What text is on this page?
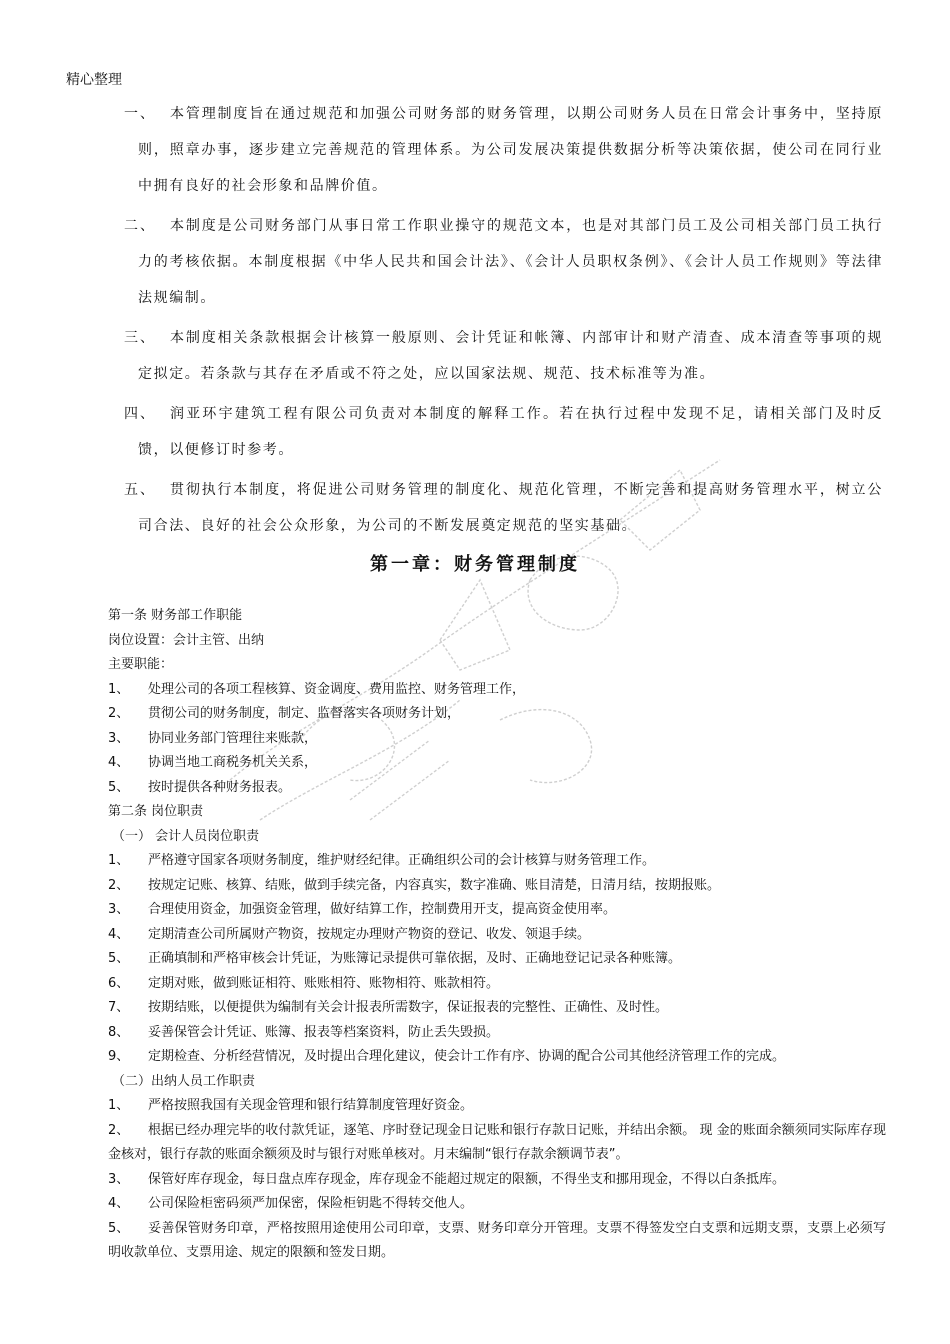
精心整理
一、	本管理制度旨在通过规范和加强公司财务部的财务管理，以期公司财务人员在日常会计事务中，坚持原则，照章办事，逐步建立完善规范的管理体系。为公司发展决策提供数据分析等决策依据，使公司在同行业中拥有良好的社会形象和品牌价值。
二、	本制度是公司财务部门从事日常工作职业操守的规范文本，也是对其部门员工及公司相关部门员工执行力的考核依据。本制度根据《中华人民共和国会计法》、《会计人员职权条例》、《会计人员工作规则》等法律法规编制。
三、	本制度相关条款根据会计核算一般原则、会计凭证和帐簿、内部审计和财产清查、成本清查等事项的规定拟定。若条款与其存在矛盾或不符之处，应以国家法规、规范、技术标准等为准。
四、	润亚环宇建筑工程有限公司负责对本制度的解释工作。若在执行过程中发现不足，请相关部门及时反馈，以便修订时参考。
五、	贯彻执行本制度，将促进公司财务管理的制度化、规范化管理，不断完善和提高财务管理水平，树立公司合法、良好的社会公众形象，为公司的不断发展奠定规范的坚实基础。
第一章：财务管理制度
第一条 财务部工作职能
岗位设置：会计主管、出纳
主要职能：
1、 处理公司的各项工程核算、资金调度、费用监控、财务管理工作，
2、 贯彻公司的财务制度，制定、监督落实各项财务计划，
3、 协同业务部门管理往来账款，
4、 协调当地工商税务机关关系，
5、 按时提供各种财务报表。
第二条 岗位职责
（一） 会计人员岗位职责
1、 严格遵守国家各项财务制度，维护财经纪律。正确组织公司的会计核算与财务管理工作。
2、 按规定记账、核算、结账，做到手续完备，内容真实，数字准确、账目清楚，日清月结，按期报账。
3、 合理使用资金，加强资金管理，做好结算工作，控制费用开支，提高资金使用率。
4、 定期清查公司所属财产物资，按规定办理财产物资的登记、收发、领退手续。
5、 正确填制和严格审核会计凭证，为账簿记录提供可靠依据，及时、正确地登记记录各种账簿。
6、 定期对账，做到账证相符、账账相符、账物相符、账款相符。
7、 按期结账，以便提供为编制有关会计报表所需数字，保证报表的完整性、正确性、及时性。
8、 妥善保管会计凭证、账簿、报表等档案资料，防止丢失毁损。
9、 定期检查、分析经营情况，及时提出合理化建议，使会计工作有序、协调的配合公司其他经济管理工作的完成。
（二）出纳人员工作职责
1、 严格按照我国有关现金管理和银行结算制度管理好资金。
2、 根据已经办理完毕的收付款凭证，逐笔、序时登记现金日记账和银行存款日记账，并结出余额。 现 金的账面余额须同实际库存现金核对，银行存款的账面余额须及时与银行对账单核对。月末编制“银行存款余额调节表”。
3、 保管好库存现金，每日盘点库存现金，库存现金不能超过规定的限额，不得坐支和挪用现金，不得以白条抵库。
4、 公司保险柜密码须严加保密，保险柜钥匙不得转交他人。
5、 妥善保管财务印章，严格按照用途使用公司印章，支票、财务印章分开管理。支票不得签发空白支票和远期支票，支票上必须写明收款单位、支票用途、规定的限额和签发日期。
